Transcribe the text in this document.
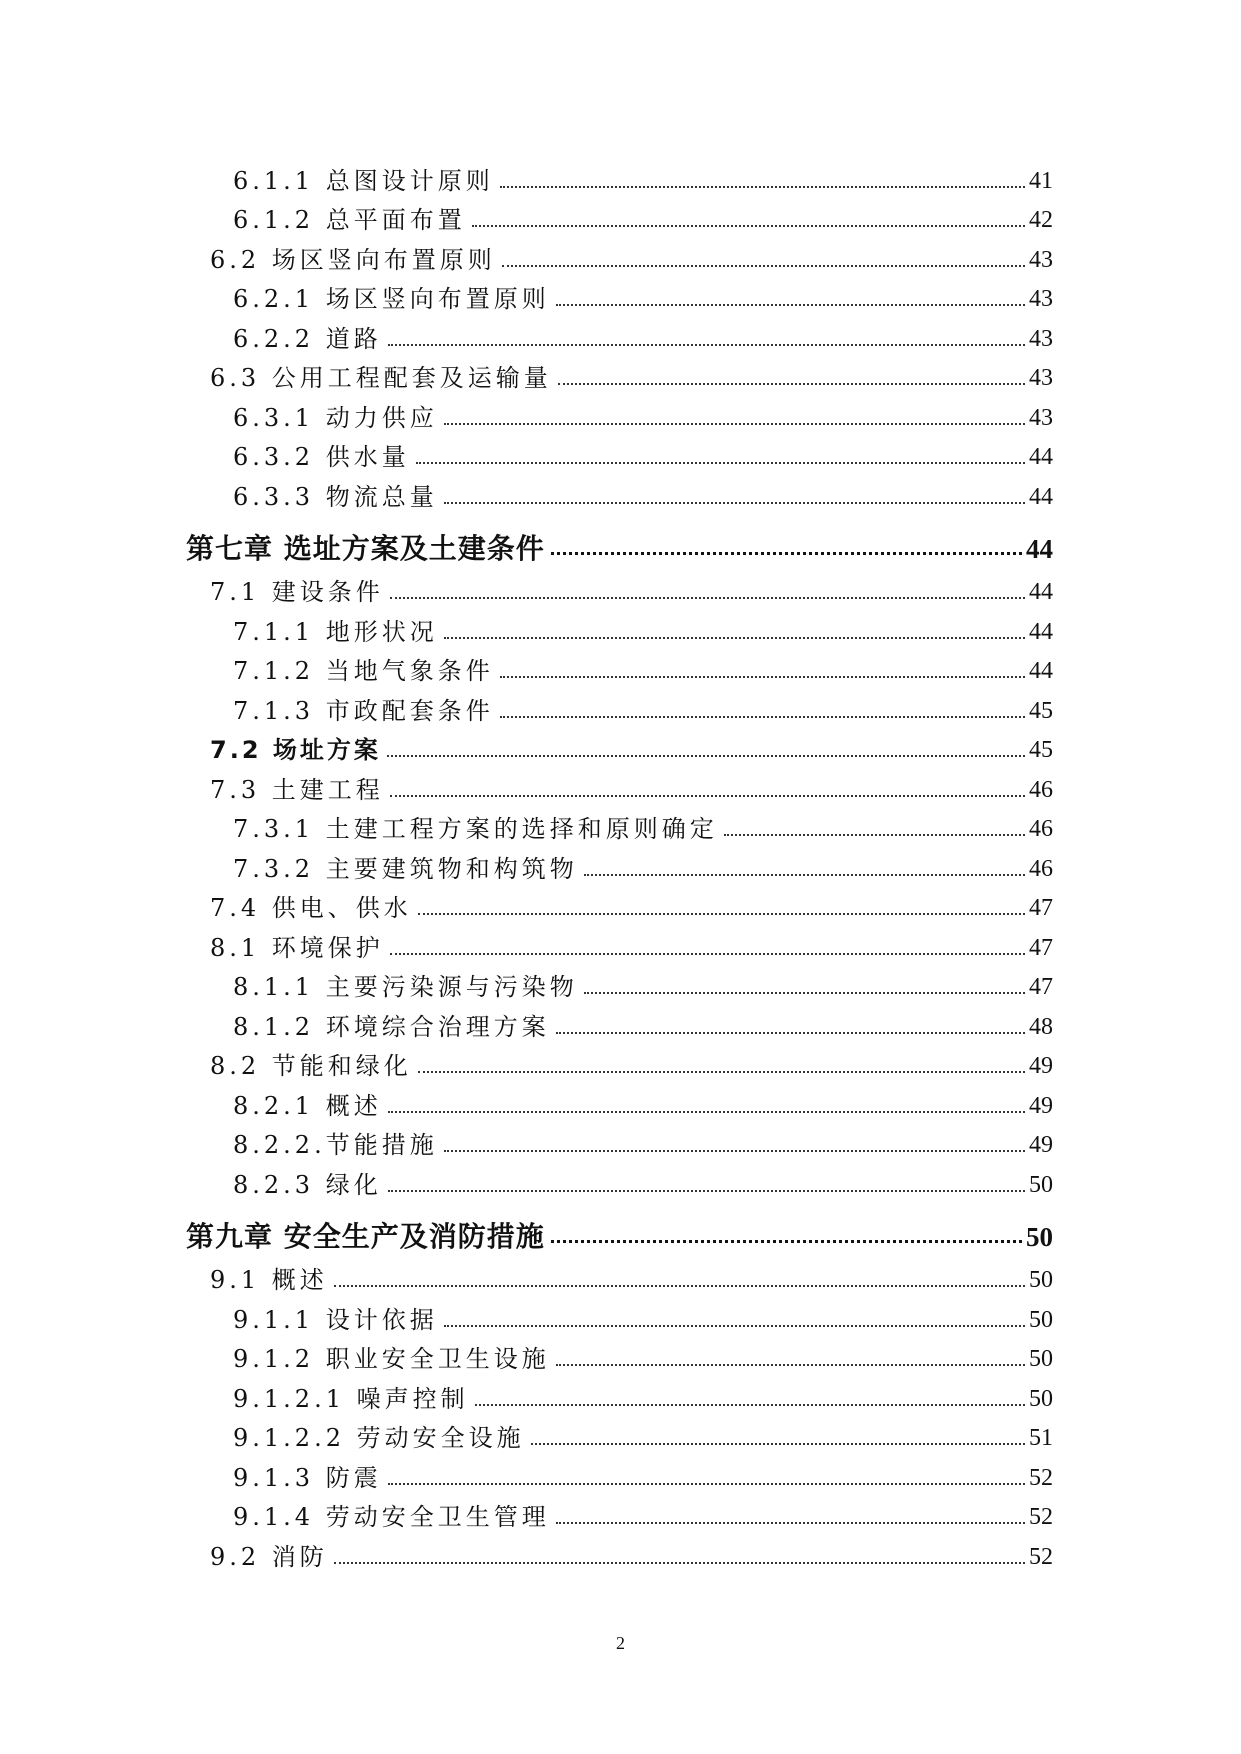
6.1.1 总图设计原则	41
6.1.2 总平面布置	42
6.2 场区竖向布置原则	43
6.2.1 场区竖向布置原则	43
6.2.2 道路	43
6.3 公用工程配套及运输量	43
6.3.1 动力供应	43
6.3.2 供水量	44
6.3.3 物流总量	44
第七章 选址方案及土建条件	44
7.1 建设条件	44
7.1.1 地形状况	44
7.1.2 当地气象条件	44
7.1.3 市政配套条件	45
7.2 场址方案	45
7.3 土建工程	46
7.3.1 土建工程方案的选择和原则确定	46
7.3.2 主要建筑物和构筑物	46
7.4 供电、供水	47
8.1 环境保护	47
8.1.1 主要污染源与污染物	47
8.1.2 环境综合治理方案	48
8.2 节能和绿化	49
8.2.1 概述	49
8.2.2.节能措施	49
8.2.3 绿化	50
第九章 安全生产及消防措施	50
9.1 概述	50
9.1.1 设计依据	50
9.1.2 职业安全卫生设施	50
9.1.2.1 噪声控制	50
9.1.2.2 劳动安全设施	51
9.1.3 防震	52
9.1.4 劳动安全卫生管理	52
9.2 消防	52
2
